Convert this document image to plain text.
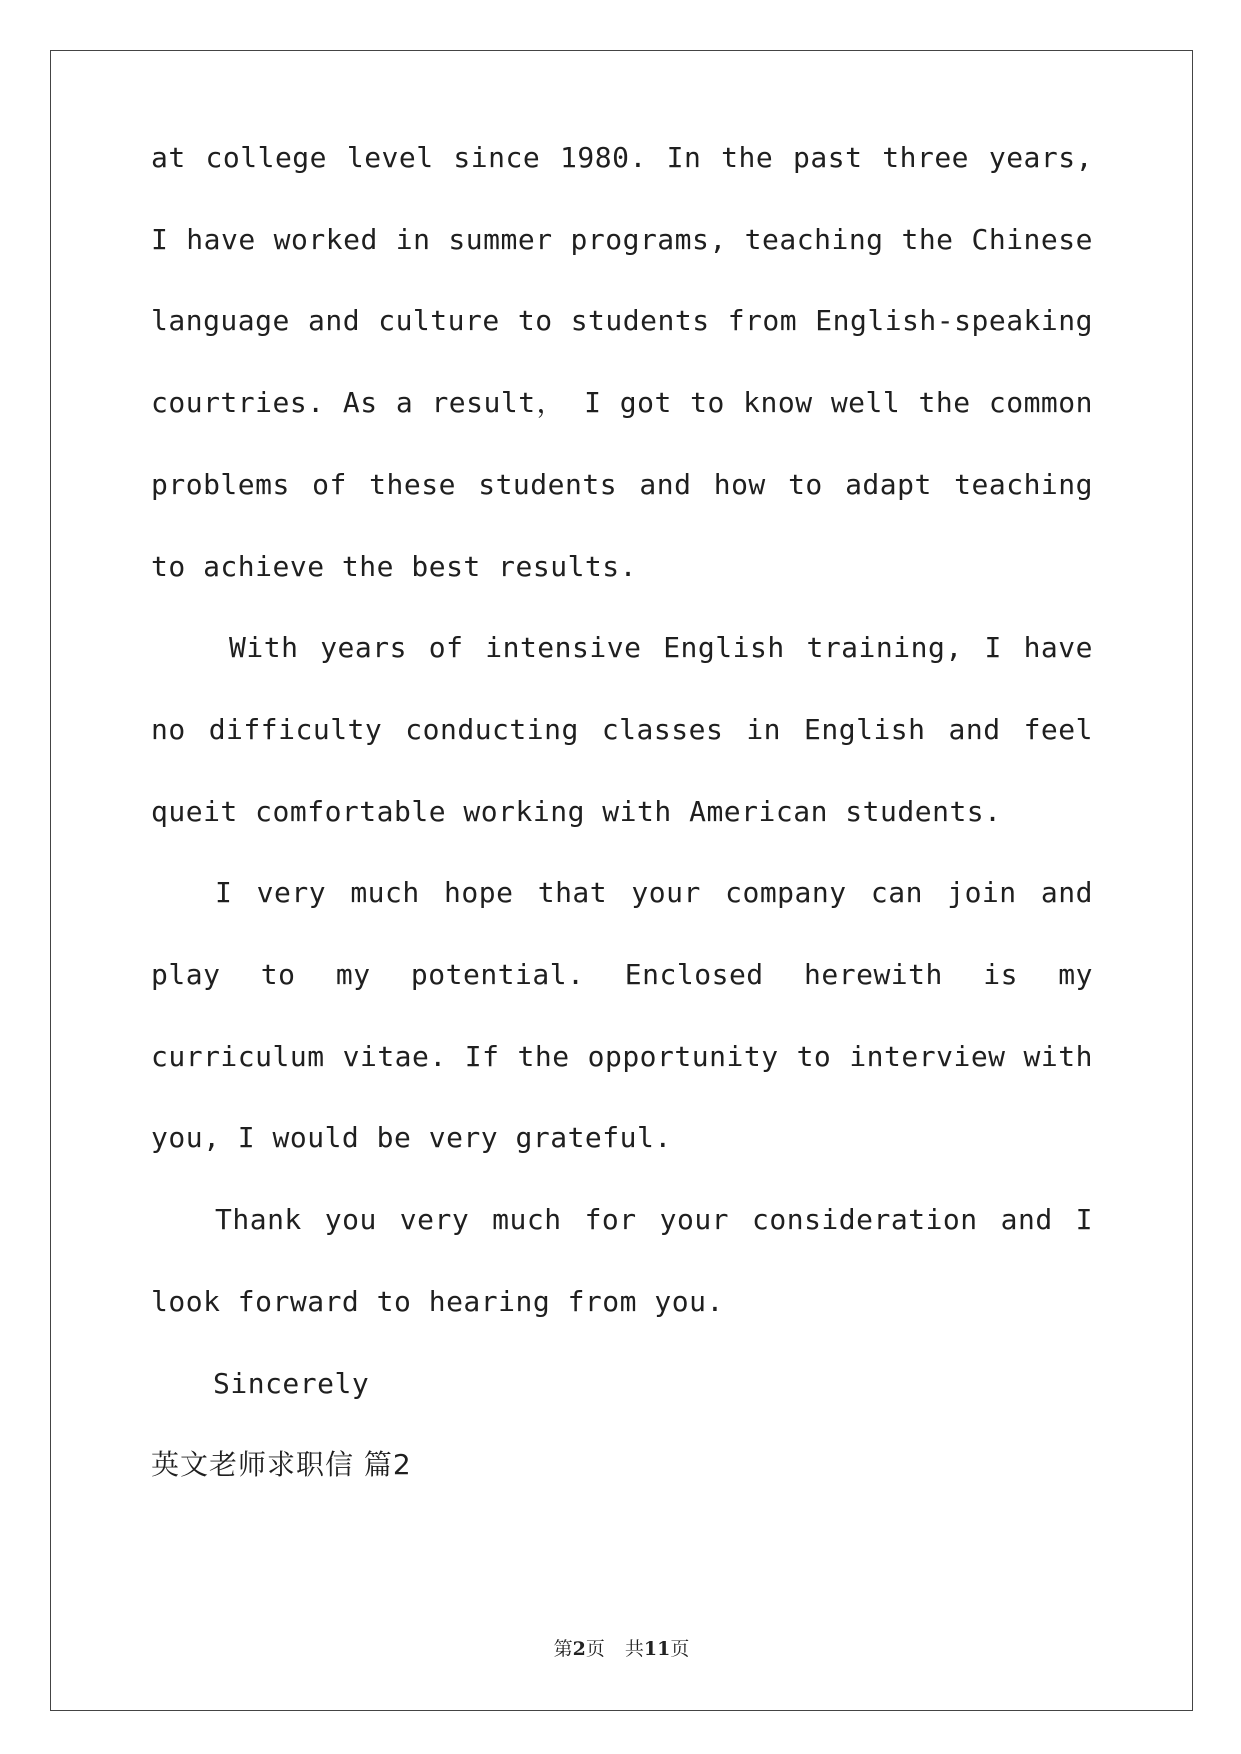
at college level since 1980. In the past three years, I have worked in summer programs, teaching the Chinese language and culture to students from English-speaking courtries. As a result， I got to know well the common problems of these students and how to adapt teaching to achieve the best results.

With years of intensive English training, I have no difficulty conducting classes in English and feel queit comfortable working with American students.

I very much hope that your company can join and play to my potential. Enclosed herewith is my curriculum vitae. If the opportunity to interview with you, I would be very grateful.

Thank you very much for your consideration and I look forward to hearing from you.

Sincerely

英文老师求职信 篇2

第2页 共11页
